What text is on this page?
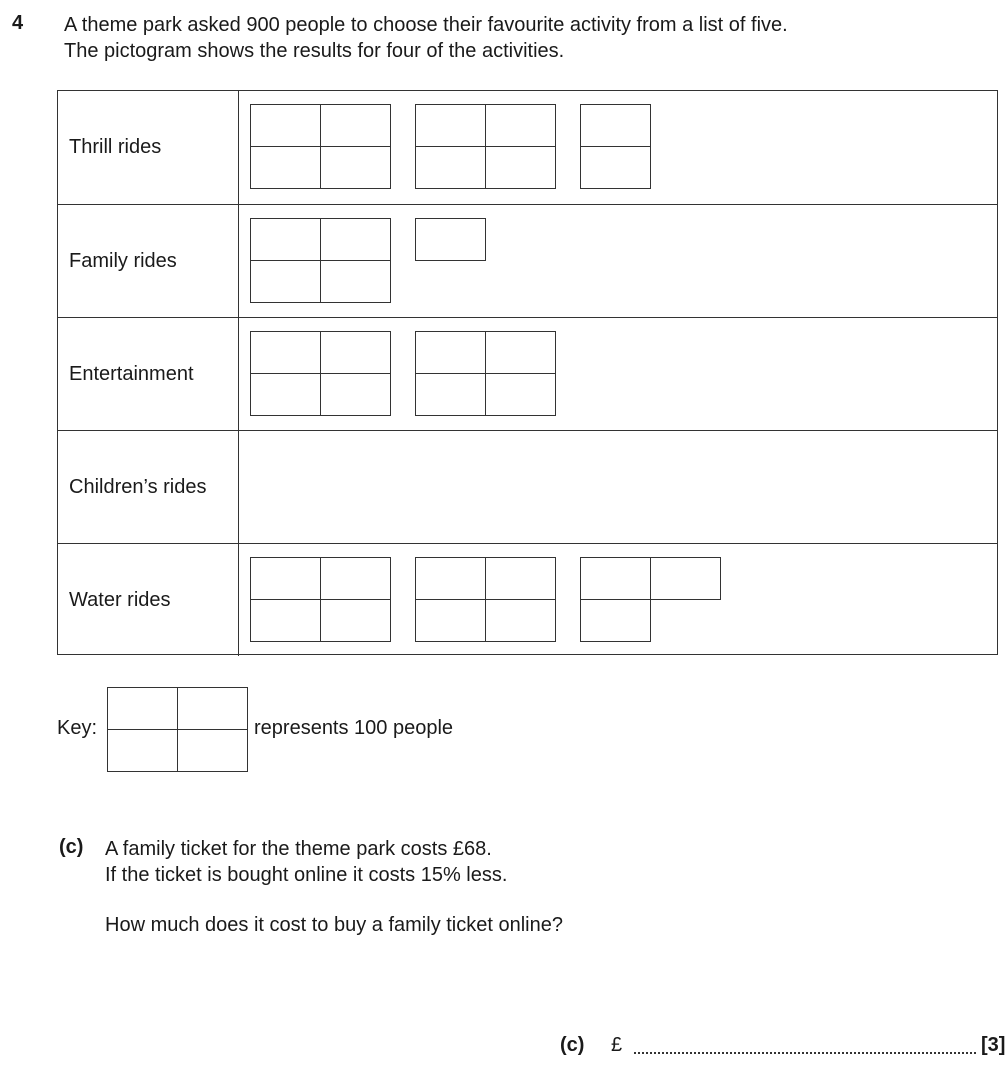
4 A theme park asked 900 people to choose their favourite activity from a list of five.
The pictogram shows the results for four of the activities.
Thrill rides
Family rides
Entertainment
Children’s rides
Water rides
Key:	represents 100 people
(c) A family ticket for the theme park costs £68.
If the ticket is bought online it costs 15% less.
How much does it cost to buy a family ticket online?
(c) £	[3]
